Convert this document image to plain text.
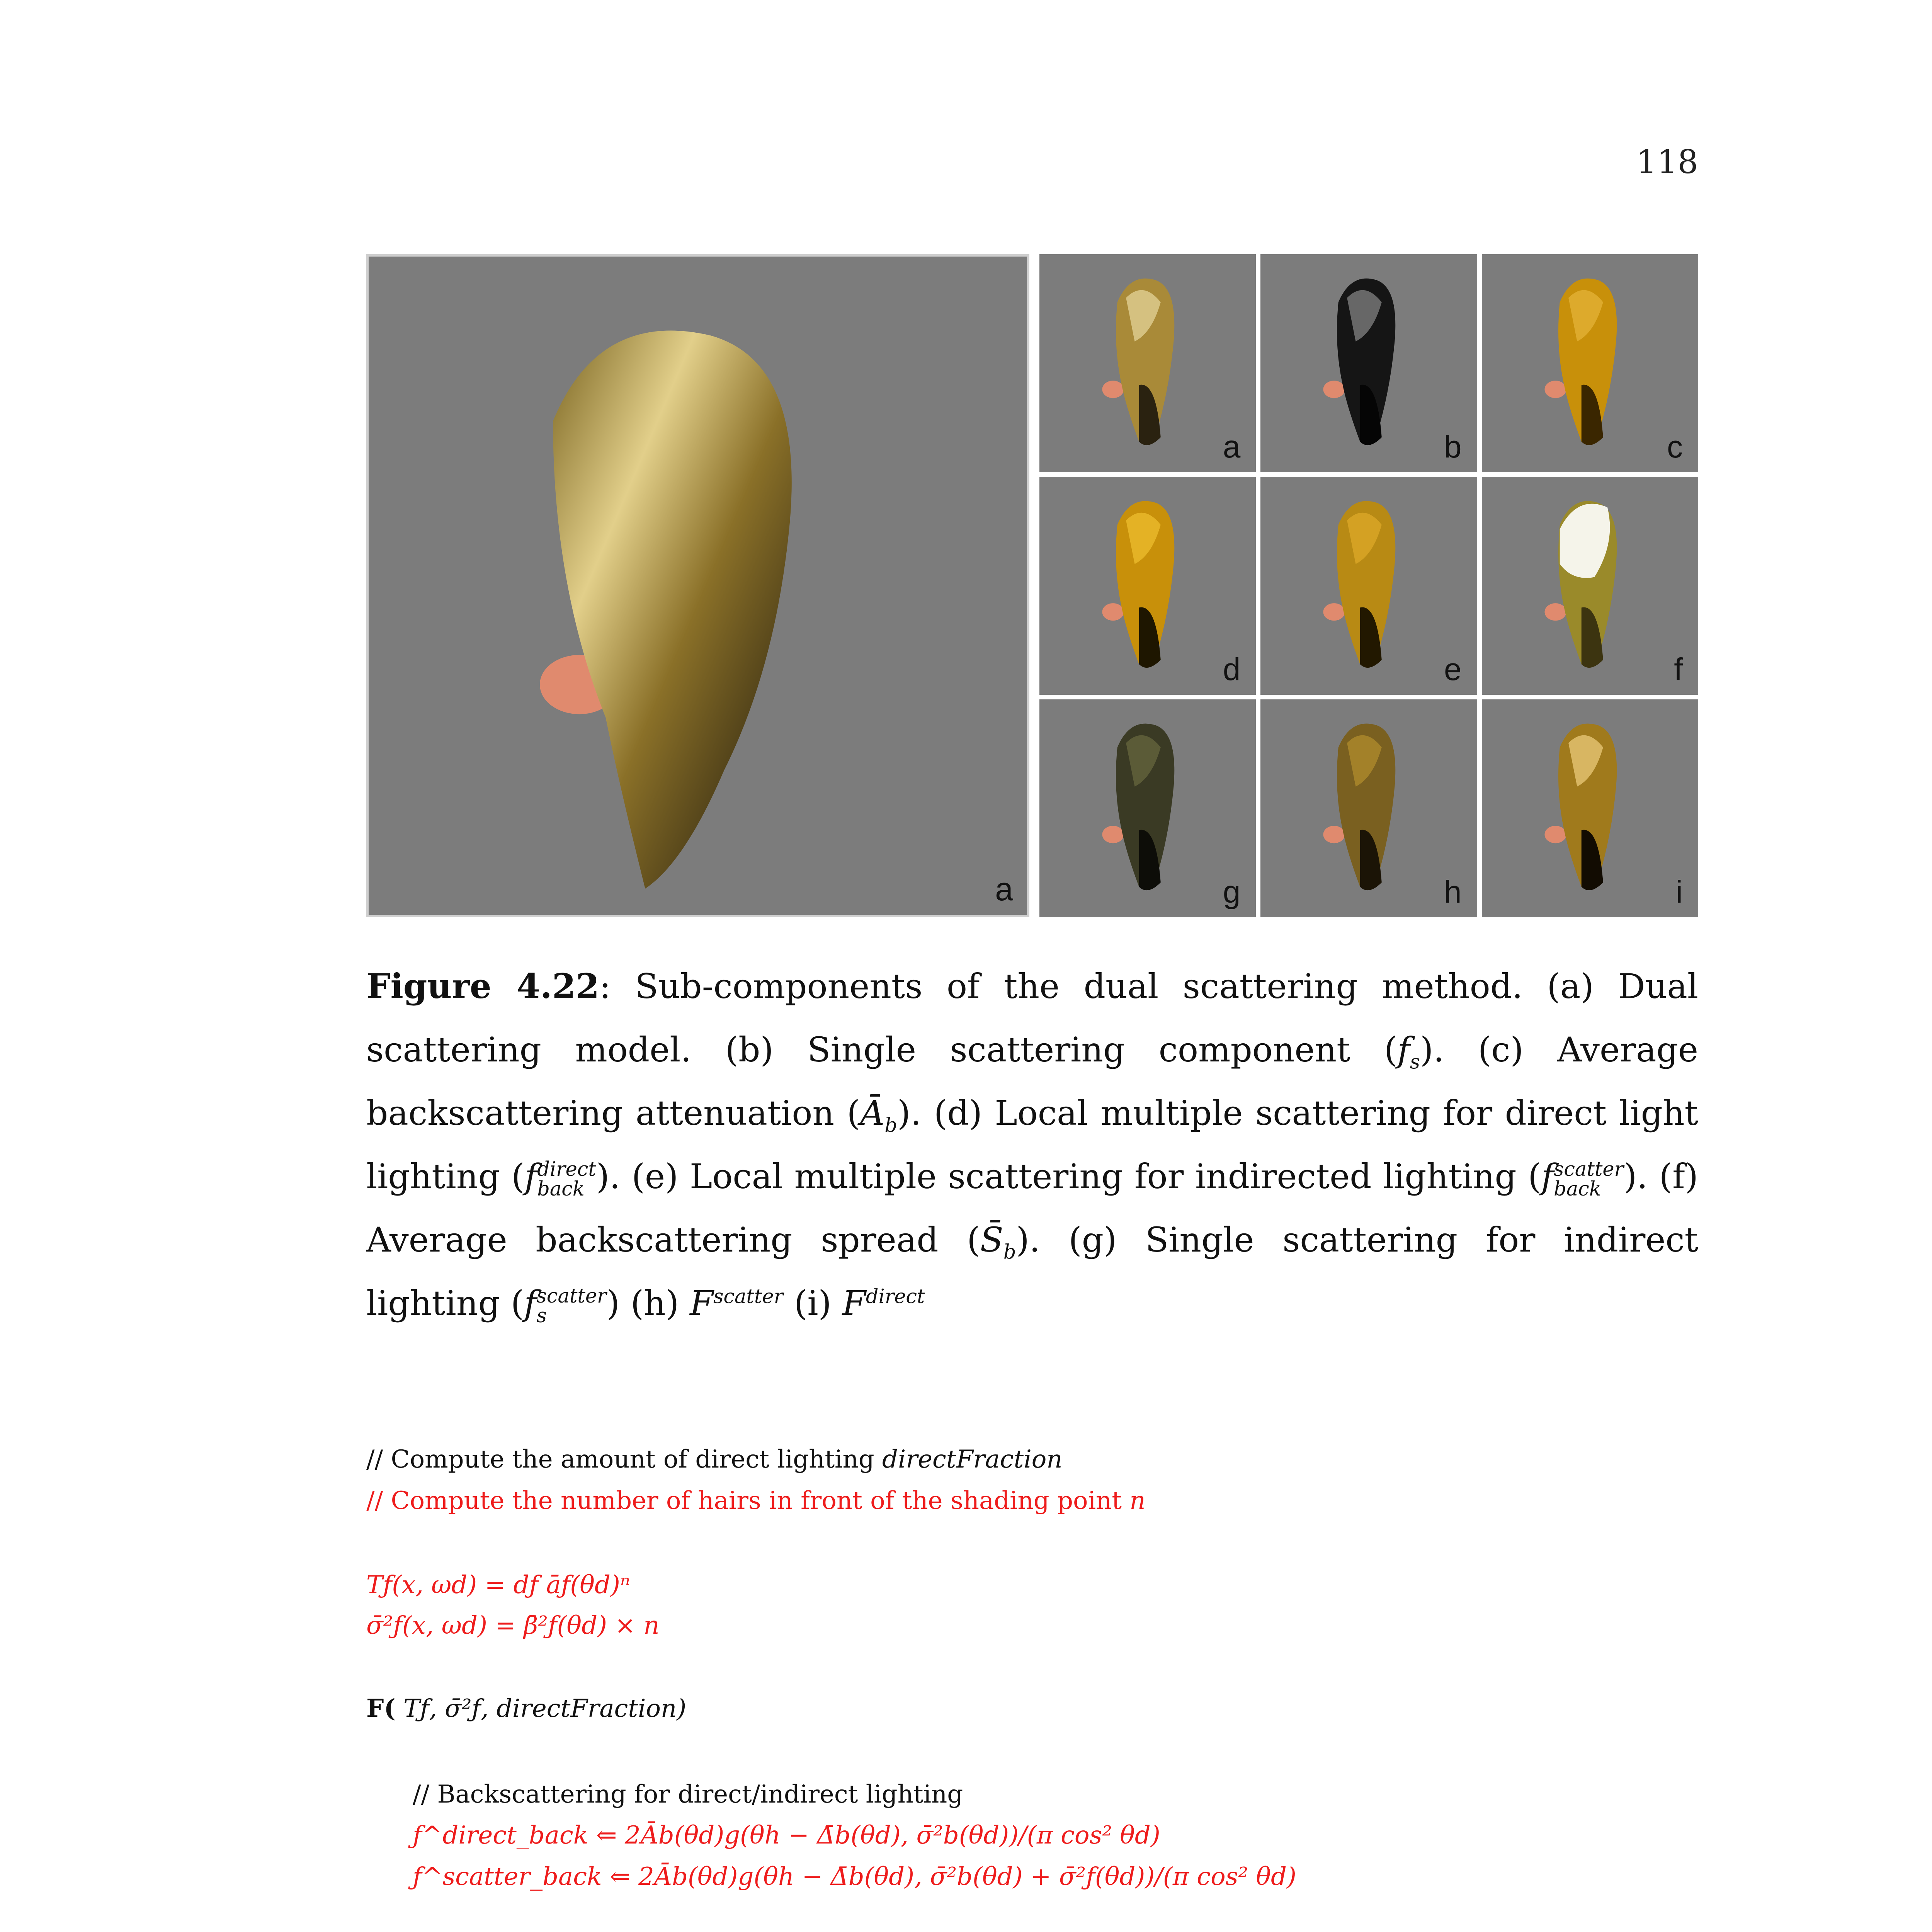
118
a
a	b	c
d	e	f
g	h	i
Figure 4.22: Sub-components of the dual scattering method. (a) Dual scattering model. (b) Single scattering component $(f_s)$. (c) Average backscattering attenuation $(Ā_b)$. (d) Local multiple scattering for direct light lighting (f direct
back ). (e) Local multiple scattering for indirected lighting (f scatter
back ). (f) Average backscattering spread $(S̄_b)$. (g) Single scattering for indirect lighting (f scatter
s	) (h) $F^{scatter}$ (i) $F^{direct}$
// Compute the amount of direct lighting directFraction
// Compute the number of hairs in front of the shading point n
Tƒ(x, ωd) = dƒ āƒ(θd)ⁿ
σ̄²ƒ(x, ωd) = β̄²ƒ(θd) × n
F( Tƒ, σ̄²ƒ, directFraction)
// Backscattering for direct/indirect lighting
ƒ^direct_back ⇐ 2Āb(θd)g(θh − Δ̄b(θd), σ̄²b(θd))/(π cos² θd)
ƒ^scatter_back ⇐ 2Āb(θd)g(θh − Δ̄b(θd), σ̄²b(θd) + σ̄²ƒ(θd))/(π cos² θd)
